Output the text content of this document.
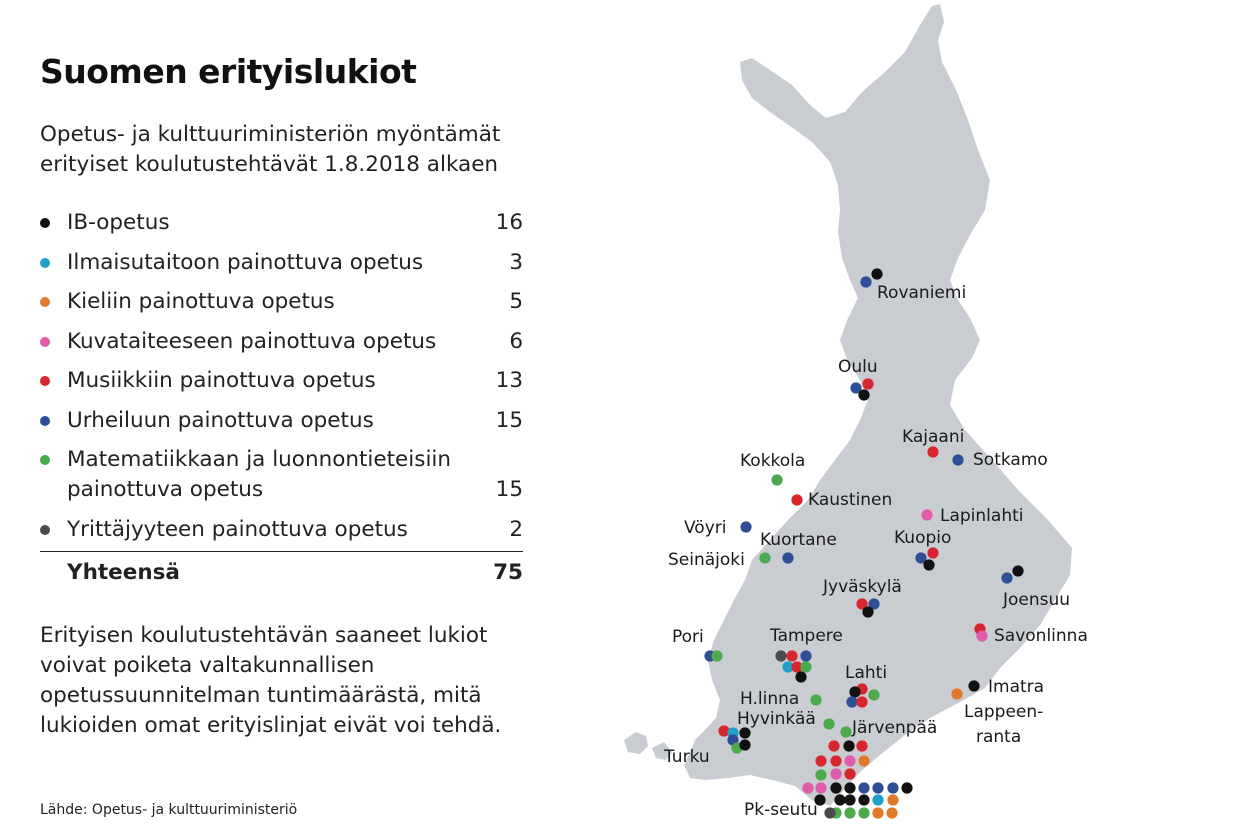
Suomen erityislukiot
Opetus- ja kulttuuriministeriön myöntämät erityiset koulutustehtävät 1.8.2018 alkaen
IB-opetus	16
Ilmaisutaitoon painottuva opetus	3
Kieliin painottuva opetus	5
Kuvataiteeseen painottuva opetus	6
Musiikkiin painottuva opetus	13
Urheiluun painottuva opetus	15
Matematiikkaan ja luonnontieteisiin painottuva opetus	15
Yrittäjyyteen painottuva opetus	2
Yhteensä	75
Erityisen koulutustehtävän saaneet lukiot voivat poiketa valtakunnallisen opetussuunnitelman tuntimäärästä, mitä lukioiden omat erityislinjat eivät voi tehdä.
Lähde: Opetus- ja kulttuuriministeriö
Rovaniemi
Oulu
Kajaani
Sotkamo
Kokkola
Kaustinen
Lapinlahti
Vöyri
Kuortane
Seinäjoki
Kuopio
Joensuu
Jyväskylä
Savonlinna
Pori	Tampere
Lahti
Imatra
Lappeen-
ranta
H.linna
Hyvinkää Järvenpää
Turku
Pk-seutu
